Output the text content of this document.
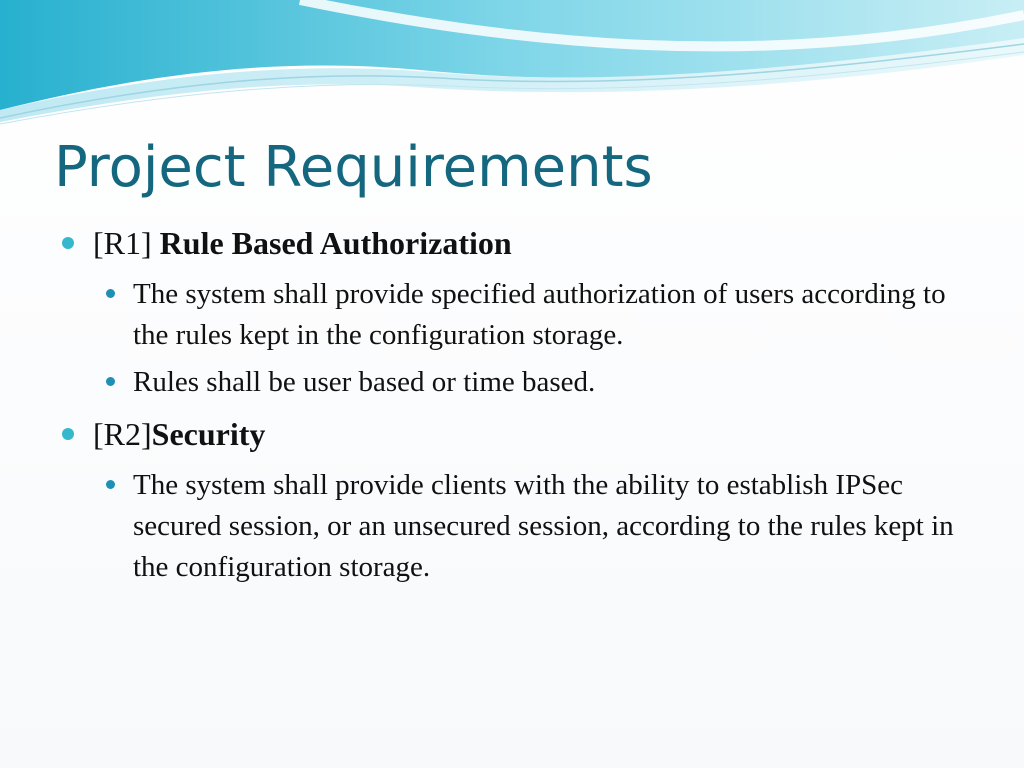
Project Requirements

[R1] Rule Based Authorization

The system shall provide specified authorization of users according to the rules kept in the configuration storage.

Rules shall be user based or time based.

[R2]Security

The system shall provide clients with the ability to establish IPSec secured session, or an unsecured session, according to the rules kept in the configuration storage.
